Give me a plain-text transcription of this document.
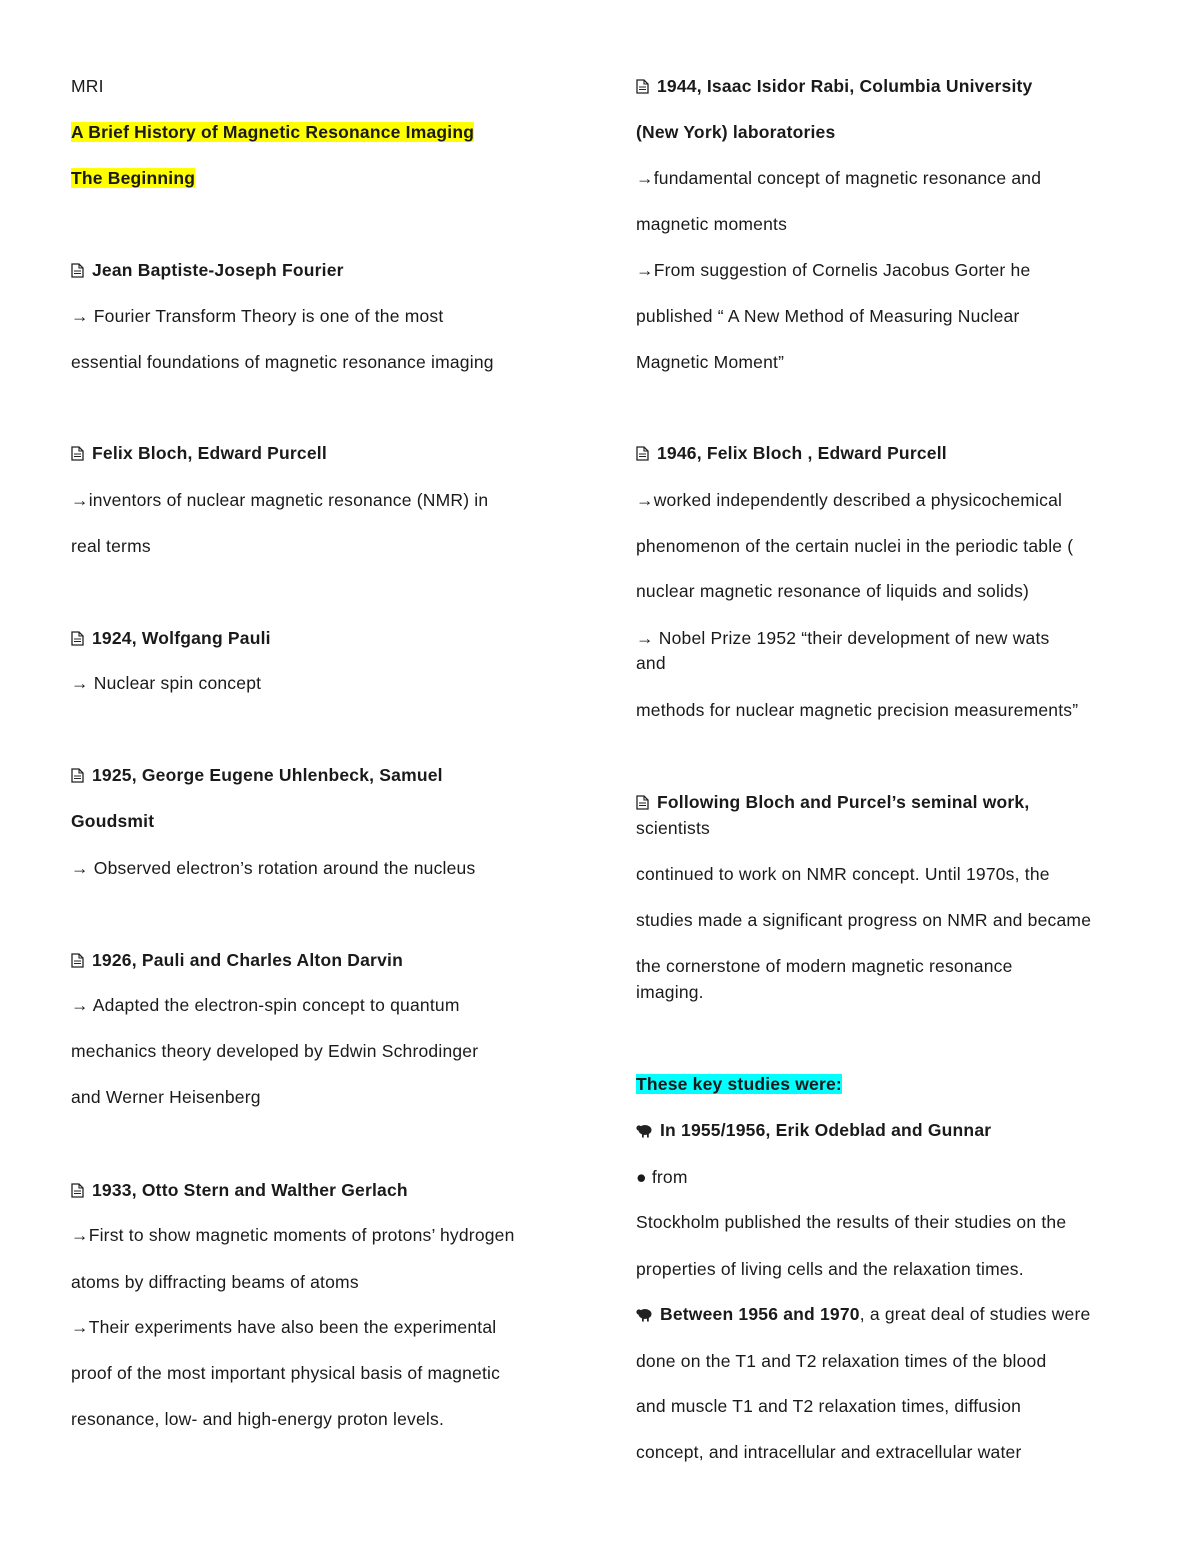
MRI
A Brief History of Magnetic Resonance Imaging
The Beginning
Jean Baptiste-Joseph Fourier
→ Fourier Transform Theory is one of the most
essential foundations of magnetic resonance imaging
Felix Bloch, Edward Purcell
→inventors of nuclear magnetic resonance (NMR) in
real terms
1924, Wolfgang Pauli
→ Nuclear spin concept
1925, George Eugene Uhlenbeck, Samuel
Goudsmit
→ Observed electron’s rotation around the nucleus
1926, Pauli and Charles Alton Darvin
→ Adapted the electron-spin concept to quantum
mechanics theory developed by Edwin Schrodinger
and Werner Heisenberg
1933, Otto Stern and Walther Gerlach
→First to show magnetic moments of protons’ hydrogen
atoms by diffracting beams of atoms
→Their experiments have also been the experimental
proof of the most important physical basis of magnetic
resonance, low- and high-energy proton levels.
1944, Isaac Isidor Rabi, Columbia University
(New York) laboratories
→fundamental concept of magnetic resonance and
magnetic moments
→From suggestion of Cornelis Jacobus Gorter he
published “ A New Method of Measuring Nuclear
Magnetic Moment”
1946, Felix Bloch , Edward Purcell
→worked independently described a physicochemical
phenomenon of the certain nuclei in the periodic table (
nuclear magnetic resonance of liquids and solids)
→ Nobel Prize 1952 “their development of new wats
and
methods for nuclear magnetic precision measurements”
Following Bloch and Purcel’s seminal work,
scientists
continued to work on NMR concept. Until 1970s, the
studies made a significant progress on NMR and became
the cornerstone of modern magnetic resonance
imaging.
These key studies were:
In 1955/1956, Erik Odeblad and Gunnar
● from
Stockholm published the results of their studies on the
properties of living cells and the relaxation times.
Between 1956 and 1970, a great deal of studies were
done on the T1 and T2 relaxation times of the blood
and muscle T1 and T2 relaxation times, diffusion
concept, and intracellular and extracellular water
